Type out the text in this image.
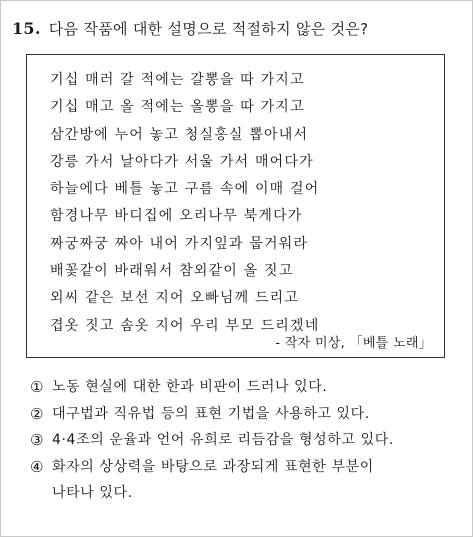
15. 다음 작품에 대한 설명으로 적절하지 않은 것은?
기십 매러 갈 적에는 갈뽕을 따 가지고
기십 매고 올 적에는 올뽕을 따 가지고
삼간방에 누어 놓고 청실홍실 뽑아내서
강릉 가서 날아다가 서울 가서 매어다가
하늘에다 베틀 놓고 구름 속에 이매 걸어
함경나무 바디집에 오리나무 북게다가
짜궁짜궁 짜아 내어 가지잎과 뭅거워라
배꽃같이 바래워서 참외같이 올 짓고
외씨 같은 보선 지어 오빠님께 드리고
겹옷 짓고 솜옷 지어 우리 부모 드리겠네
- 작자 미상, 「베틀 노래」
① 노동 현실에 대한 한과 비판이 드러나 있다.
② 대구법과 직유법 등의 표현 기법을 사용하고 있다.
③ 4·4조의 운율과 언어 유희로 리듬감을 형성하고 있다.
④ 화자의 상상력을 바탕으로 과장되게 표현한 부분이
나타나 있다.
